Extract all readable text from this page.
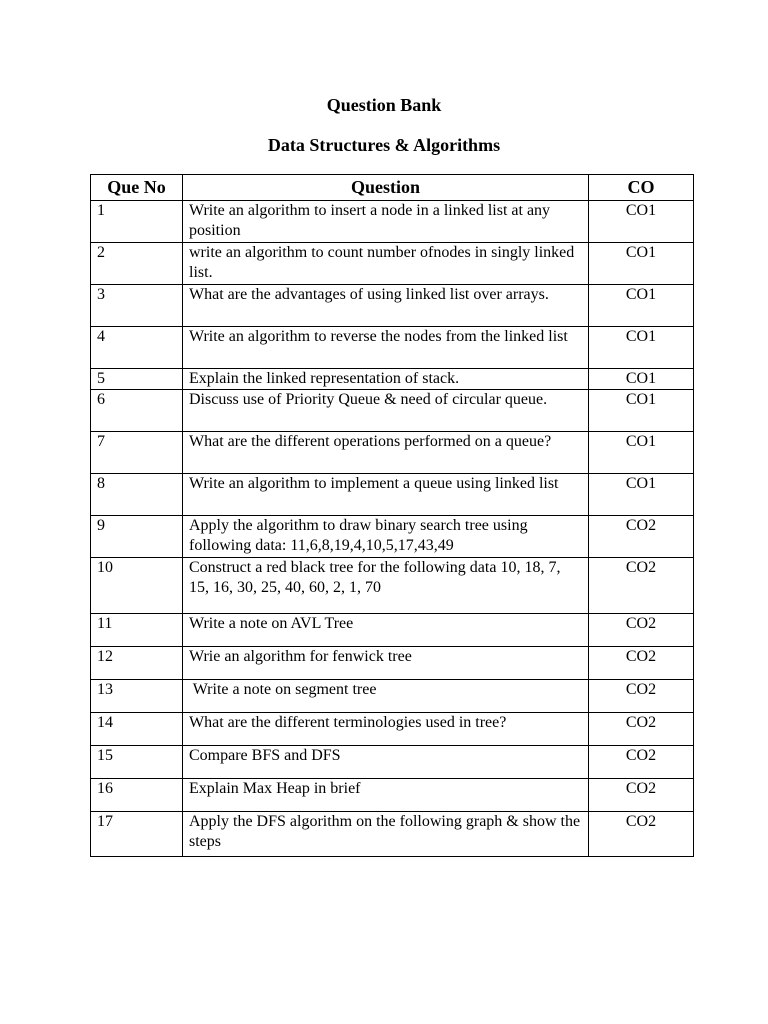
Question Bank
Data Structures & Algorithms
Que No	Question	CO
1	Write an algorithm to insert a node in a linked list at any position	CO1
2	write an algorithm to count number ofnodes in singly linked list.	CO1
3	What are the advantages of using linked list over arrays.	CO1
4	Write an algorithm to reverse the nodes from the linked list	CO1
5	Explain the linked representation of stack.	CO1
6	Discuss use of Priority Queue & need of circular queue.	CO1
7	What are the different operations performed on a queue?	CO1
8	Write an algorithm to implement a queue using linked list	CO1
9	Apply the algorithm to draw binary search tree using following data: 11,6,8,19,4,10,5,17,43,49	CO2
10	Construct a red black tree for the following data 10, 18, 7, 15, 16, 30, 25, 40, 60, 2, 1, 70	CO2
11	Write a note on AVL Tree	CO2
12	Wrie an algorithm for fenwick tree	CO2
13	Write a note on segment tree	CO2
14	What are the different terminologies used in tree?	CO2
15	Compare BFS and DFS	CO2
16	Explain Max Heap in brief	CO2
17	Apply the DFS algorithm on the following graph & show the steps	CO2
